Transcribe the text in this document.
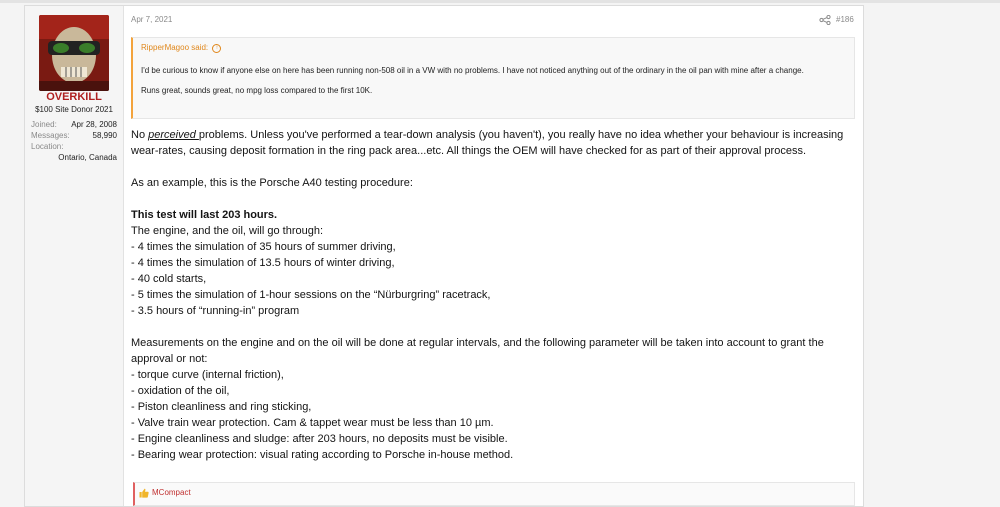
OVERKILL
$100 Site Donor 2021
Joined: Apr 28, 2008
Messages:	58,990
Location:
Ontario, Canada
Apr 7, 2021	#186
RipperMagoo said: ↑

I'd be curious to know if anyone else on here has been running non-508 oil in a VW with no problems. I have not noticed anything out of the ordinary in the oil pan with mine after a change.

Runs great, sounds great, no mpg loss compared to the first 10K.

No perceived problems. Unless you've performed a tear-down analysis (you haven't), you really have no idea whether your behaviour is increasing wear-rates, causing deposit formation in the ring pack area...etc. All things the OEM will have checked for as part of their approval process.

As an example, this is the Porsche A40 testing procedure:

This test will last 203 hours.

The engine, and the oil, will go through:

- 4 times the simulation of 35 hours of summer driving,

- 4 times the simulation of 13.5 hours of winter driving,

- 40 cold starts,

- 5 times the simulation of 1-hour sessions on the “Nürburgring” racetrack,

- 3.5 hours of “running-in” program

Measurements on the engine and on the oil will be done at regular intervals, and the following parameter will be taken into account to grant the approval or not:

- torque curve (internal friction),

- oxidation of the oil,

- Piston cleanliness and ring sticking,

- Valve train wear protection. Cam & tappet wear must be less than 10 µm.

- Engine cleanliness and sludge: after 203 hours, no deposits must be visible.

- Bearing wear protection: visual rating according to Porsche in-house method.

MCompact
